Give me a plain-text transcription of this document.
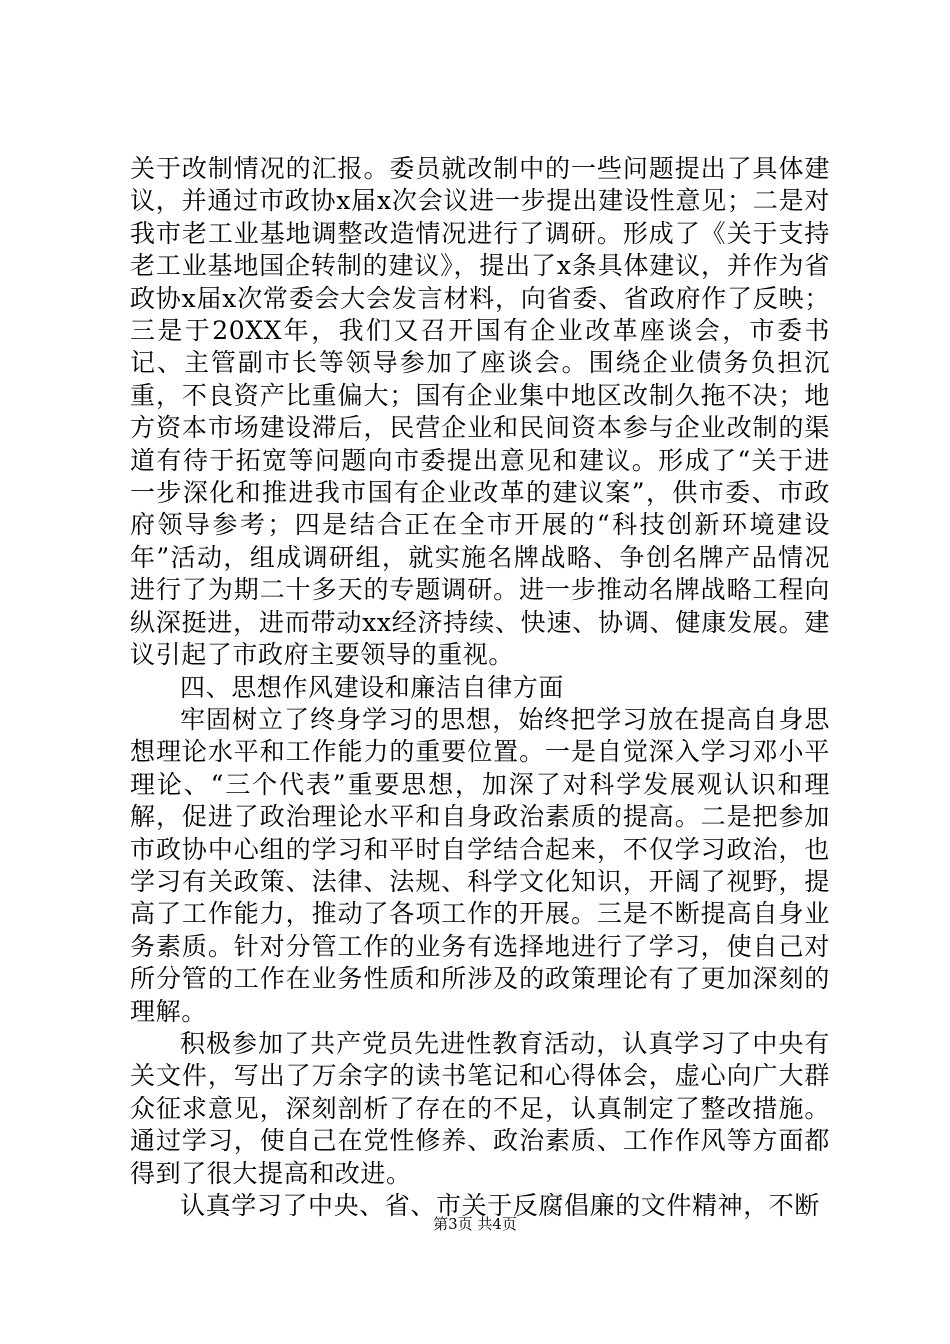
关于改制情况的汇报。委员就改制中的一些问题提出了具体建议，并通过市政协x届x次会议进一步提出建设性意见；二是对我市老工业基地调整改造情况进行了调研。形成了《关于支持老工业基地国企转制的建议》，提出了x条具体建议，并作为省政协x届x次常委会大会发言材料，向省委、省政府作了反映；三是于20XX年，我们又召开国有企业改革座谈会，市委书记、主管副市长等领导参加了座谈会。围绕企业债务负担沉重，不良资产比重偏大；国有企业集中地区改制久拖不决；地方资本市场建设滞后，民营企业和民间资本参与企业改制的渠道有待于拓宽等问题向市委提出意见和建议。形成了“关于进一步深化和推进我市国有企业改革的建议案”，供市委、市政府领导参考；四是结合正在全市开展的“科技创新环境建设年”活动，组成调研组，就实施名牌战略、争创名牌产品情况进行了为期二十多天的专题调研。进一步推动名牌战略工程向纵深挺进，进而带动xx经济持续、快速、协调、健康发展。建议引起了市政府主要领导的重视。

四、思想作风建设和廉洁自律方面

牢固树立了终身学习的思想，始终把学习放在提高自身思想理论水平和工作能力的重要位置。一是自觉深入学习邓小平理论、“三个代表”重要思想，加深了对科学发展观认识和理解，促进了政治理论水平和自身政治素质的提高。二是把参加市政协中心组的学习和平时自学结合起来，不仅学习政治，也学习有关政策、法律、法规、科学文化知识，开阔了视野，提高了工作能力，推动了各项工作的开展。三是不断提高自身业务素质。针对分管工作的业务有选择地进行了学习，使自己对所分管的工作在业务性质和所涉及的政策理论有了更加深刻的理解。

积极参加了共产党员先进性教育活动，认真学习了中央有关文件，写出了万余字的读书笔记和心得体会，虚心向广大群众征求意见，深刻剖析了存在的不足，认真制定了整改措施。通过学习，使自己在党性修养、政治素质、工作作风等方面都得到了很大提高和改进。

认真学习了中央、省、市关于反腐倡廉的文件精神，不断

第3页 共4页
